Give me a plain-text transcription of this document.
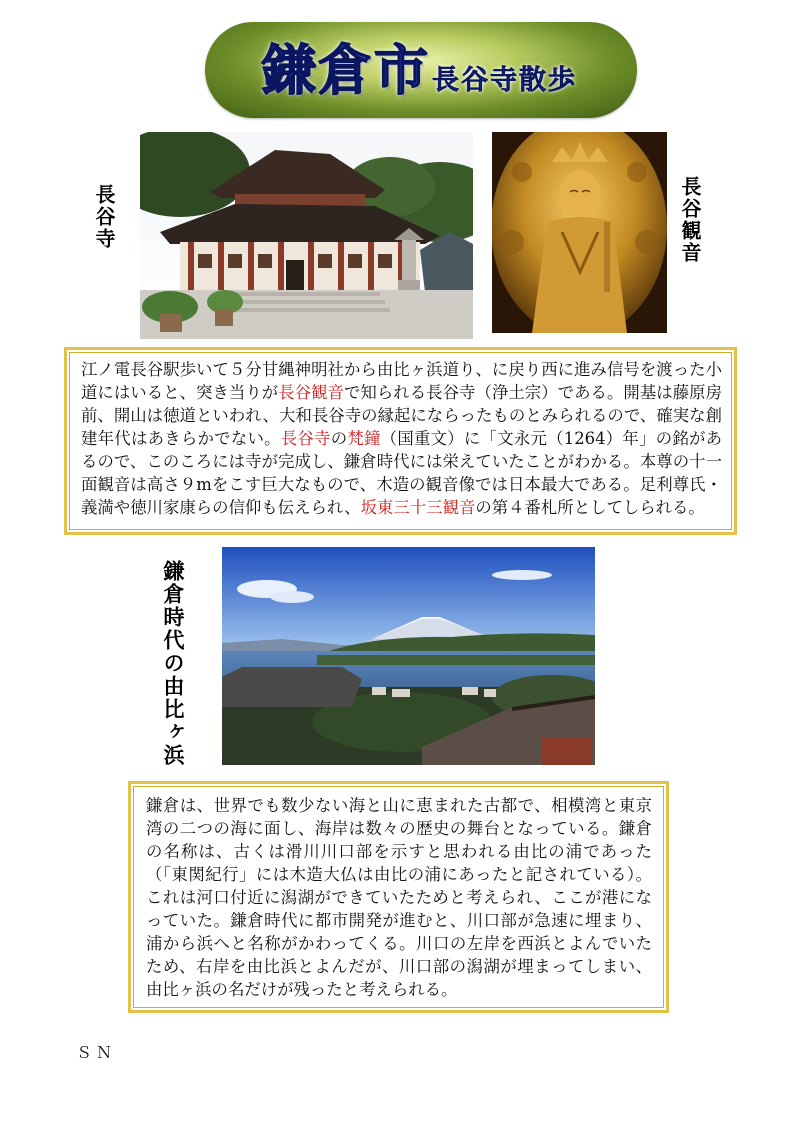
鎌倉市 長谷寺散歩
長谷寺	長谷観音

江ノ電長谷駅歩いて５分甘縄神明社から由比ヶ浜道り、に戻り西に進み信号を渡った小道にはいると、突き当りが長谷観音で知られる長谷寺（浄土宗）である。開基は藤原房前、開山は徳道といわれ、大和長谷寺の縁起にならったものとみられるので、確実な創建年代はあきらかでない。長谷寺の梵鐘（国重文）に「文永元（1264）年」の銘があるので、このころには寺が完成し、鎌倉時代には栄えていたことがわかる。本尊の十一面観音は高さ９mをこす巨大なもので、木造の観音像では日本最大である。足利尊氏・義満や徳川家康らの信仰も伝えられ、坂東三十三観音の第４番札所としてしられる。

鎌倉時代の由比ヶ浜

鎌倉は、世界でも数少ない海と山に恵まれた古都で、相模湾と東京湾の二つの海に面し、海岸は数々の歴史の舞台となっている。鎌倉の名称は、古くは滑川川口部を示すと思われる由比の浦であった（「東関紀行」には木造大仏は由比の浦にあったと記されている）。これは河口付近に潟湖ができていたためと考えられ、ここが港になっていた。鎌倉時代に都市開発が進むと、川口部が急速に埋まり、浦から浜へと名称がかわってくる。川口の左岸を西浜とよんでいたため、右岸を由比浜とよんだが、川口部の潟湖が埋まってしまい、由比ヶ浜の名だけが残ったと考えられる。

ＳＮ
